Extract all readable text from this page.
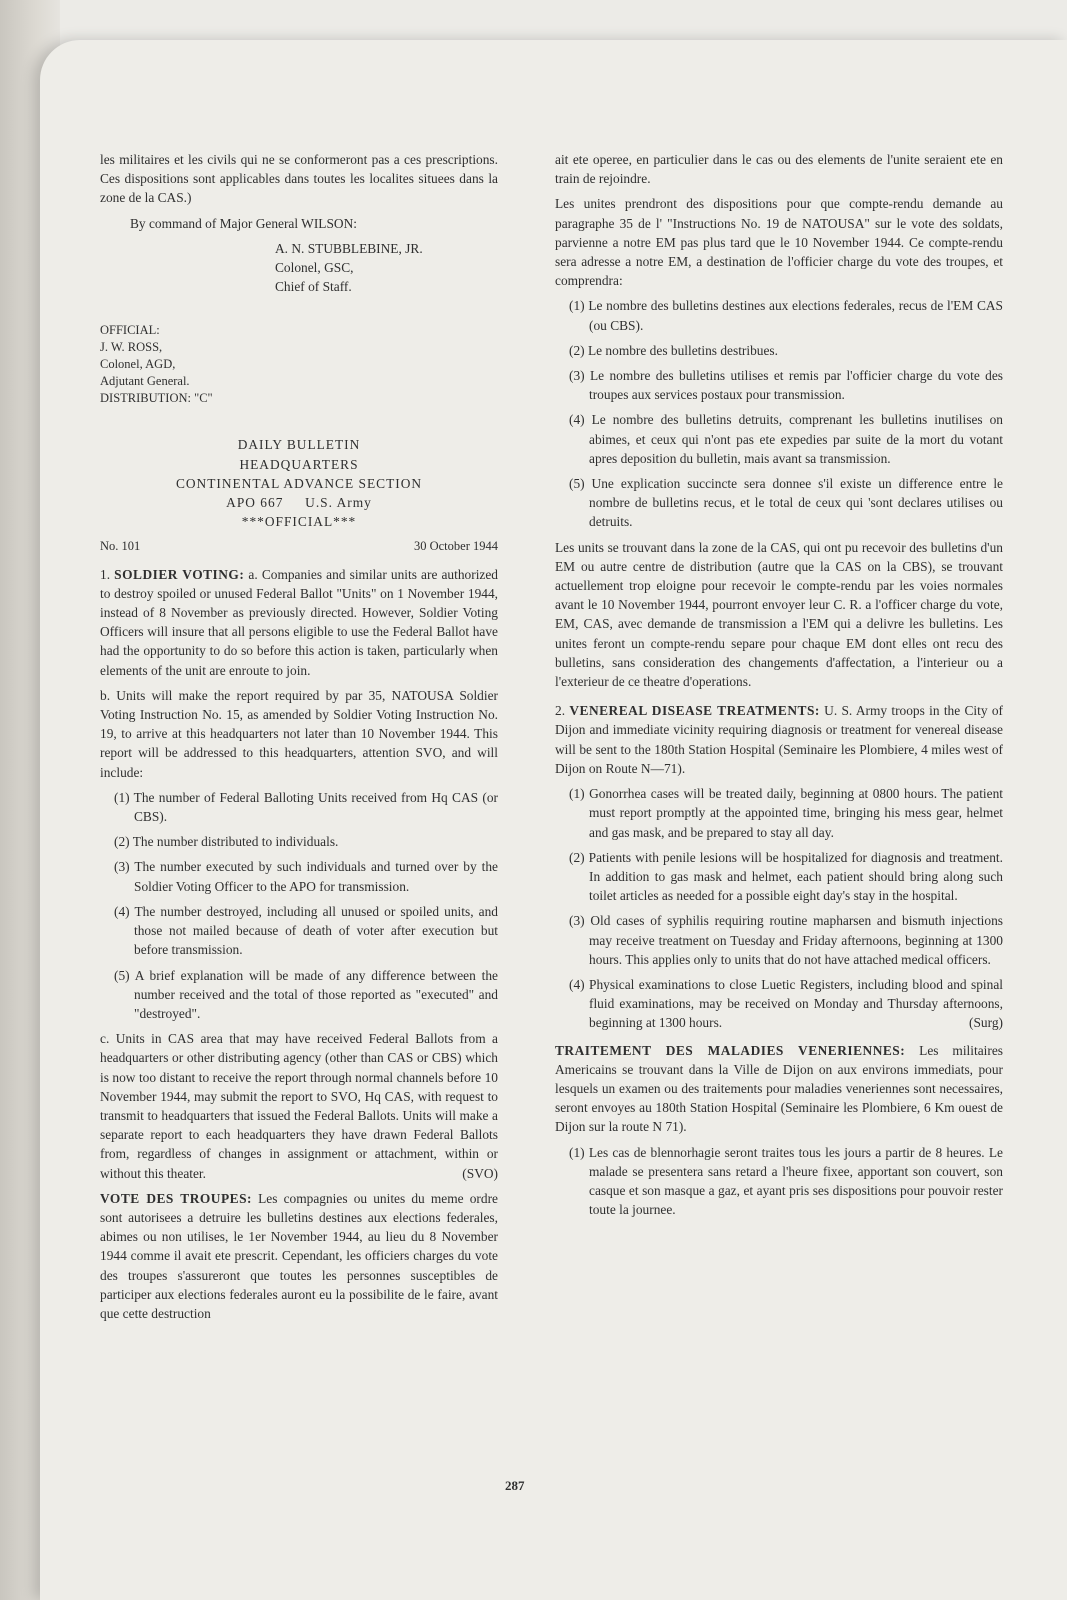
les militaires et les civils qui ne se conformeront pas a ces prescriptions. Ces dispositions sont applicables dans toutes les localites situees dans la zone de la CAS.)

By command of Major General WILSON:

A. N. STUBBLEBINE, JR.
Colonel, GSC,
Chief of Staff.
OFFICIAL:
J. W. ROSS,
Colonel, AGD,
Adjutant General.
DISTRIBUTION: "C"
DAILY BULLETIN
HEADQUARTERS
CONTINENTAL ADVANCE SECTION
APO 667 U.S. Army
***OFFICIAL***
No. 101	30 October 1944

1. SOLDIER VOTING: a. Companies and similar units are authorized to destroy spoiled or unused Federal Ballot "Units" on 1 November 1944, instead of 8 November as previously directed. However, Soldier Voting Officers will insure that all persons eligible to use the Federal Ballot have had the opportunity to do so before this action is taken, particularly when elements of the unit are enroute to join.

b. Units will make the report required by par 35, NATOUSA Soldier Voting Instruction No. 15, as amended by Soldier Voting Instruction No. 19, to arrive at this headquarters not later than 10 November 1944. This report will be addressed to this headquarters, attention SVO, and will include:

(1) The number of Federal Balloting Units received from Hq CAS (or CBS).

(2) The number distributed to individuals.

(3) The number executed by such individuals and turned over by the Soldier Voting Officer to the APO for transmission.

(4) The number destroyed, including all unused or spoiled units, and those not mailed because of death of voter after execution but before transmission.

(5) A brief explanation will be made of any difference between the number received and the total of those reported as "executed" and "destroyed".

c. Units in CAS area that may have received Federal Ballots from a headquarters or other distributing agency (other than CAS or CBS) which is now too distant to receive the report through normal channels before 10 November 1944, may submit the report to SVO, Hq CAS, with request to transmit to headquarters that issued the Federal Ballots. Units will make a separate report to each headquarters they have drawn Federal Ballots from, regardless of changes in assignment or attachment, within or without this theater.	(SVO)

VOTE DES TROUPES: Les compagnies ou unites du meme ordre sont autorisees a detruire les bulletins destines aux elections federales, abimes ou non utilises, le 1er November 1944, au lieu du 8 November 1944 comme il avait ete prescrit. Cependant, les officiers charges du vote des troupes s'assureront que toutes les personnes susceptibles de participer aux elections federales auront eu la possibilite de le faire, avant que cette destruction

ait ete operee, en particulier dans le cas ou des elements de l'unite seraient ete en train de rejoindre.

Les unites prendront des dispositions pour que compte-rendu demande au paragraphe 35 de l' "Instructions No. 19 de NATOUSA" sur le vote des soldats, parvienne a notre EM pas plus tard que le 10 November 1944. Ce compte-rendu sera adresse a notre EM, a destination de l'officier charge du vote des troupes, et comprendra:

(1) Le nombre des bulletins destines aux elections federales, recus de l'EM CAS (ou CBS).

(2) Le nombre des bulletins destribues.

(3) Le nombre des bulletins utilises et remis par l'officier charge du vote des troupes aux services postaux pour transmission.

(4) Le nombre des bulletins detruits, comprenant les bulletins inutilises on abimes, et ceux qui n'ont pas ete expedies par suite de la mort du votant apres deposition du bulletin, mais avant sa transmission.

(5) Une explication succincte sera donnee s'il existe un difference entre le nombre de bulletins recus, et le total de ceux qui 'sont declares utilises ou detruits.

Les units se trouvant dans la zone de la CAS, qui ont pu recevoir des bulletins d'un EM ou autre centre de distribution (autre que la CAS on la CBS), se trouvant actuellement trop eloigne pour recevoir le compte-rendu par les voies normales avant le 10 November 1944, pourront envoyer leur C. R. a l'officer charge du vote, EM, CAS, avec demande de transmission a l'EM qui a delivre les bulletins. Les unites feront un compte-rendu separe pour chaque EM dont elles ont recu des bulletins, sans consideration des changements d'affectation, a l'interieur ou a l'exterieur de ce theatre d'operations.

2. VENEREAL DISEASE TREATMENTS: U. S. Army troops in the City of Dijon and immediate vicinity requiring diagnosis or treatment for venereal disease will be sent to the 180th Station Hospital (Seminaire les Plombiere, 4 miles west of Dijon on Route N—71).

(1) Gonorrhea cases will be treated daily, beginning at 0800 hours. The patient must report promptly at the appointed time, bringing his mess gear, helmet and gas mask, and be prepared to stay all day.

(2) Patients with penile lesions will be hospitalized for diagnosis and treatment. In addition to gas mask and helmet, each patient should bring along such toilet articles as needed for a possible eight day's stay in the hospital.

(3) Old cases of syphilis requiring routine mapharsen and bismuth injections may receive treatment on Tuesday and Friday afternoons, beginning at 1300 hours. This applies only to units that do not have attached medical officers.

(4) Physical examinations to close Luetic Registers, including blood and spinal fluid examinations, may be received on Monday and Thursday afternoons, beginning at 1300 hours.	(Surg)

TRAITEMENT DES MALADIES VENERIENNES: Les militaires Americains se trouvant dans la Ville de Dijon on aux environs immediats, pour lesquels un examen ou des traitements pour maladies veneriennes sont necessaires, seront envoyes au 180th Station Hospital (Seminaire les Plombiere, 6 Km ouest de Dijon sur la route N 71).

(1) Les cas de blennorhagie seront traites tous les jours a partir de 8 heures. Le malade se presentera sans retard a l'heure fixee, apportant son couvert, son casque et son masque a gaz, et ayant pris ses dispositions pour pouvoir rester toute la journee.

287
